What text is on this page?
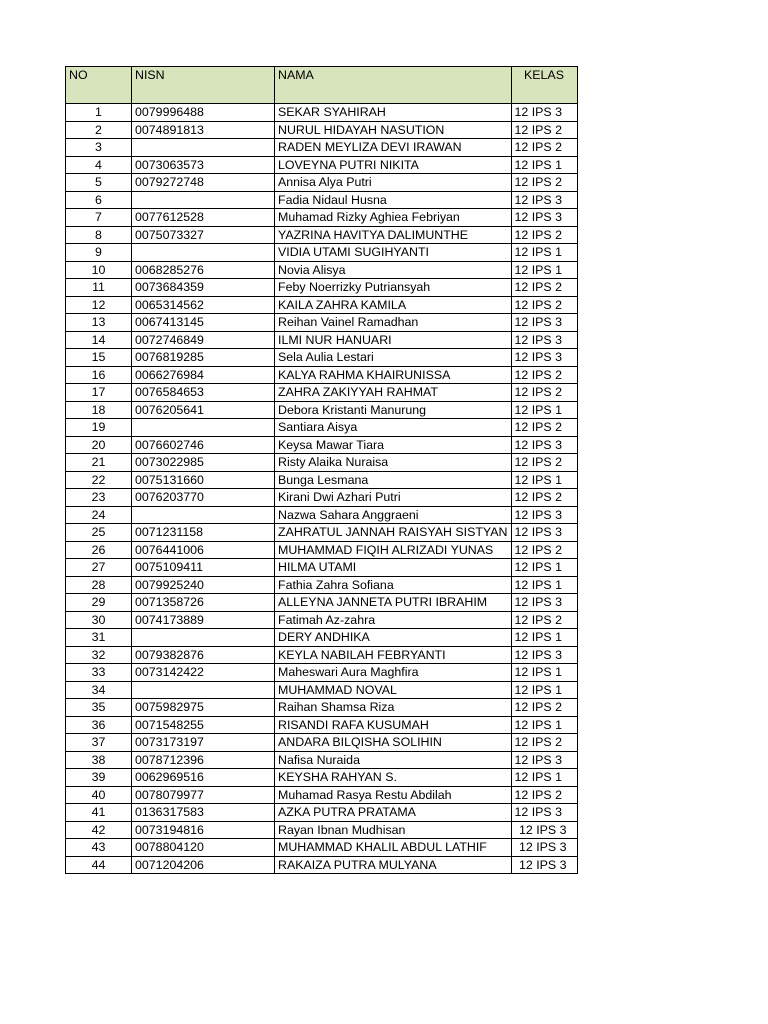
NO	NISN	NAMA	KELAS
1	0079996488	SEKAR SYAHIRAH	12 IPS 3
2	0074891813	NURUL HIDAYAH NASUTION	12 IPS 2
3		RADEN MEYLIZA DEVI IRAWAN	12 IPS 2
4	0073063573	LOVEYNA PUTRI NIKITA	12 IPS 1
5	0079272748	Annisa Alya Putri	12 IPS 2
6		Fadia Nidaul Husna	12 IPS 3
7	0077612528	Muhamad Rizky Aghiea Febriyan	12 IPS 3
8	0075073327	YAZRINA HAVITYA DALIMUNTHE	12 IPS 2
9		VIDIA UTAMI SUGIHYANTI	12 IPS 1
10	0068285276	Novia Alisya	12 IPS 1
11	0073684359	Feby Noerrizky Putriansyah	12 IPS 2
12	0065314562	KAILA ZAHRA KAMILA	12 IPS 2
13	0067413145	Reihan Vainel Ramadhan	12 IPS 3
14	0072746849	ILMI NUR HANUARI	12 IPS 3
15	0076819285	Sela Aulia Lestari	12 IPS 3
16	0066276984	KALYA RAHMA KHAIRUNISSA	12 IPS 2
17	0076584653	ZAHRA ZAKIYYAH RAHMAT	12 IPS 2
18	0076205641	Debora Kristanti Manurung	12 IPS 1
19		Santiara Aisya	12 IPS 2
20	0076602746	Keysa Mawar Tiara	12 IPS 3
21	0073022985	Risty Alaika Nuraisa	12 IPS 2
22	0075131660	Bunga Lesmana	12 IPS 1
23	0076203770	Kirani Dwi Azhari Putri	12 IPS 2
24		Nazwa Sahara Anggraeni	12 IPS 3
25	0071231158	ZAHRATUL JANNAH RAISYAH SISTYAN	12 IPS 3
26	0076441006	MUHAMMAD FIQIH ALRIZADI YUNAS	12 IPS 2
27	0075109411	HILMA UTAMI	12 IPS 1
28	0079925240	Fathia Zahra Sofiana	12 IPS 1
29	0071358726	ALLEYNA JANNETA PUTRI IBRAHIM	12 IPS 3
30	0074173889	Fatimah Az-zahra	12 IPS 2
31		DERY ANDHIKA	12 IPS 1
32	0079382876	KEYLA NABILAH FEBRYANTI	12 IPS 3
33	0073142422	Maheswari Aura Maghfira	12 IPS 1
34		MUHAMMAD NOVAL	12 IPS 1
35	0075982975	Raihan Shamsa Riza	12 IPS 2
36	0071548255	RISANDI RAFA KUSUMAH	12 IPS 1
37	0073173197	ANDARA BILQISHA SOLIHIN	12 IPS 2
38	0078712396	Nafisa Nuraida	12 IPS 3
39	0062969516	KEYSHA RAHYAN S.	12 IPS 1
40	0078079977	Muhamad Rasya Restu Abdilah	12 IPS 2
41	0136317583	AZKA PUTRA PRATAMA	12 IPS 3
42	0073194816	Rayan Ibnan Mudhisan	12 IPS 3
43	0078804120	MUHAMMAD KHALIL ABDUL LATHIF	12 IPS 3
44	0071204206	RAKAIZA PUTRA MULYANA	12 IPS 3
